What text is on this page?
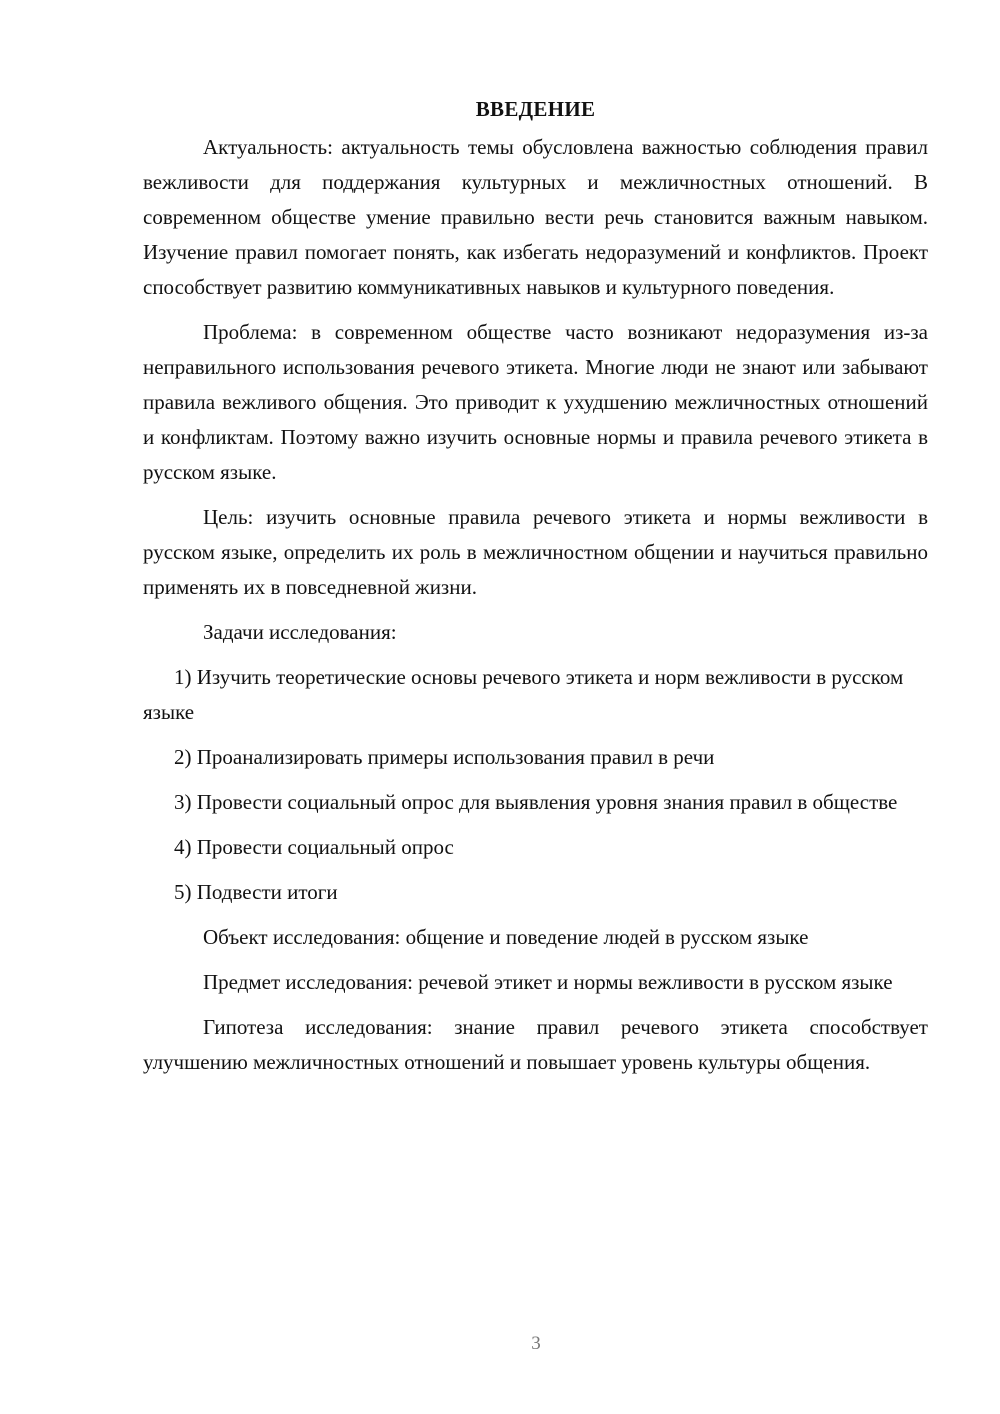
ВВЕДЕНИЕ

Актуальность: актуальность темы обусловлена важностью соблюдения правил вежливости для поддержания культурных и межличностных отношений. В современном обществе умение правильно вести речь становится важным навыком. Изучение правил помогает понять, как избегать недоразумений и конфликтов. Проект способствует развитию коммуникативных навыков и культурного поведения.

Проблема: в современном обществе часто возникают недоразумения из-за неправильного использования речевого этикета. Многие люди не знают или забывают правила вежливого общения. Это приводит к ухудшению межличностных отношений и конфликтам. Поэтому важно изучить основные нормы и правила речевого этикета в русском языке.

Цель: изучить основные правила речевого этикета и нормы вежливости в русском языке, определить их роль в межличностном общении и научиться правильно применять их в повседневной жизни.

Задачи исследования:

1) Изучить теоретические основы речевого этикета и норм вежливости в русском языке

2) Проанализировать примеры использования правил в речи

3) Провести социальный опрос для выявления уровня знания правил в обществе

4) Провести социальный опрос

5) Подвести итоги

Объект исследования: общение и поведение людей в русском языке

Предмет исследования: речевой этикет и нормы вежливости в русском языке

Гипотеза исследования: знание правил речевого этикета способствует улучшению межличностных отношений и повышает уровень культуры общения.

3
